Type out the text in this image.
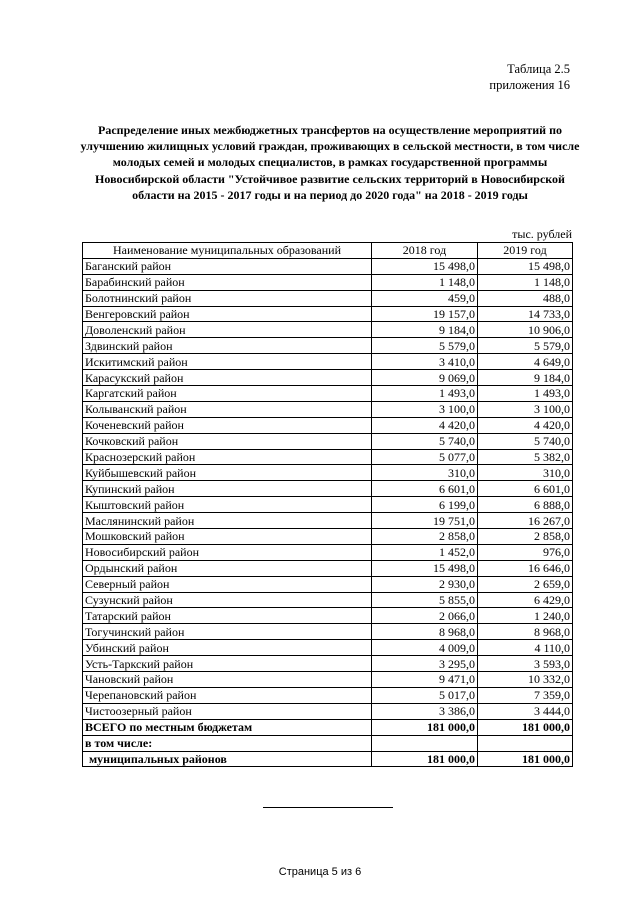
Таблица 2.5
приложения 16
Распределение иных межбюджетных трансфертов на осуществление мероприятий по улучшению жилищных условий граждан, проживающих в сельской местности, в том числе молодых семей и молодых специалистов, в рамках государственной программы Новосибирской области "Устойчивое развитие сельских территорий в Новосибирской области на 2015 - 2017 годы и на период до 2020 года" на 2018 - 2019 годы
тыс. рублей
Наименование муниципальных образований	2018 год	2019 год
Баганский район	15 498,0	15 498,0
Барабинский район	1 148,0	1 148,0
Болотнинский район	459,0	488,0
Венгеровский район	19 157,0	14 733,0
Доволенский район	9 184,0	10 906,0
Здвинский район	5 579,0	5 579,0
Искитимский район	3 410,0	4 649,0
Карасукский район	9 069,0	9 184,0
Каргатский район	1 493,0	1 493,0
Колыванский район	3 100,0	3 100,0
Коченевский район	4 420,0	4 420,0
Кочковский район	5 740,0	5 740,0
Краснозерский район	5 077,0	5 382,0
Куйбышевский район	310,0	310,0
Купинский район	6 601,0	6 601,0
Кыштовский район	6 199,0	6 888,0
Маслянинский район	19 751,0	16 267,0
Мошковский район	2 858,0	2 858,0
Новосибирский район	1 452,0	976,0
Ордынский район	15 498,0	16 646,0
Северный район	2 930,0	2 659,0
Сузунский район	5 855,0	6 429,0
Татарский район	2 066,0	1 240,0
Тогучинский район	8 968,0	8 968,0
Убинский район	4 009,0	4 110,0
Усть-Таркский район	3 295,0	3 593,0
Чановский район	9 471,0	10 332,0
Черепановский район	5 017,0	7 359,0
Чистоозерный район	3 386,0	3 444,0
ВСЕГО по местным бюджетам	181 000,0	181 000,0
в том числе:		
муниципальных районов	181 000,0	181 000,0
Страница 5 из 6
